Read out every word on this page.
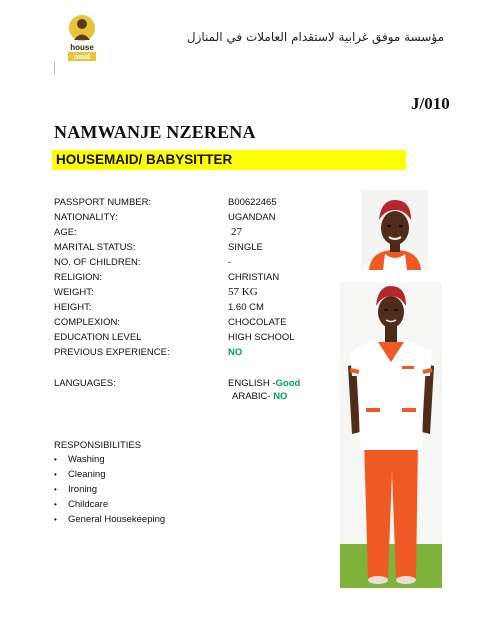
house
maid
مؤسسة موفق غرابية لاستقدام العاملات في المنازل
J/010
NAMWANJE NZERENA
HOUSEMAID/ BABYSITTER
PASSPORT NUMBER:	B00622465
NATIONALITY:	UGANDAN
AGE:	27
MARITAL STATUS:	SINGLE
NO. OF CHILDREN:	-
RELIGION:	CHRISTIAN
WEIGHT:	57 KG
HEIGHT:	1.60 CM
COMPLEXION:	CHOCOLATE
EDUCATION LEVEL	HIGH SCHOOL
PREVIOUS EXPERIENCE:	NO
LANGUAGES:	ENGLISH -Good
ARABIC- NO
RESPONSIBILITIES
• Washing
• Cleaning
• Ironing
• Childcare
• General Housekeeping
